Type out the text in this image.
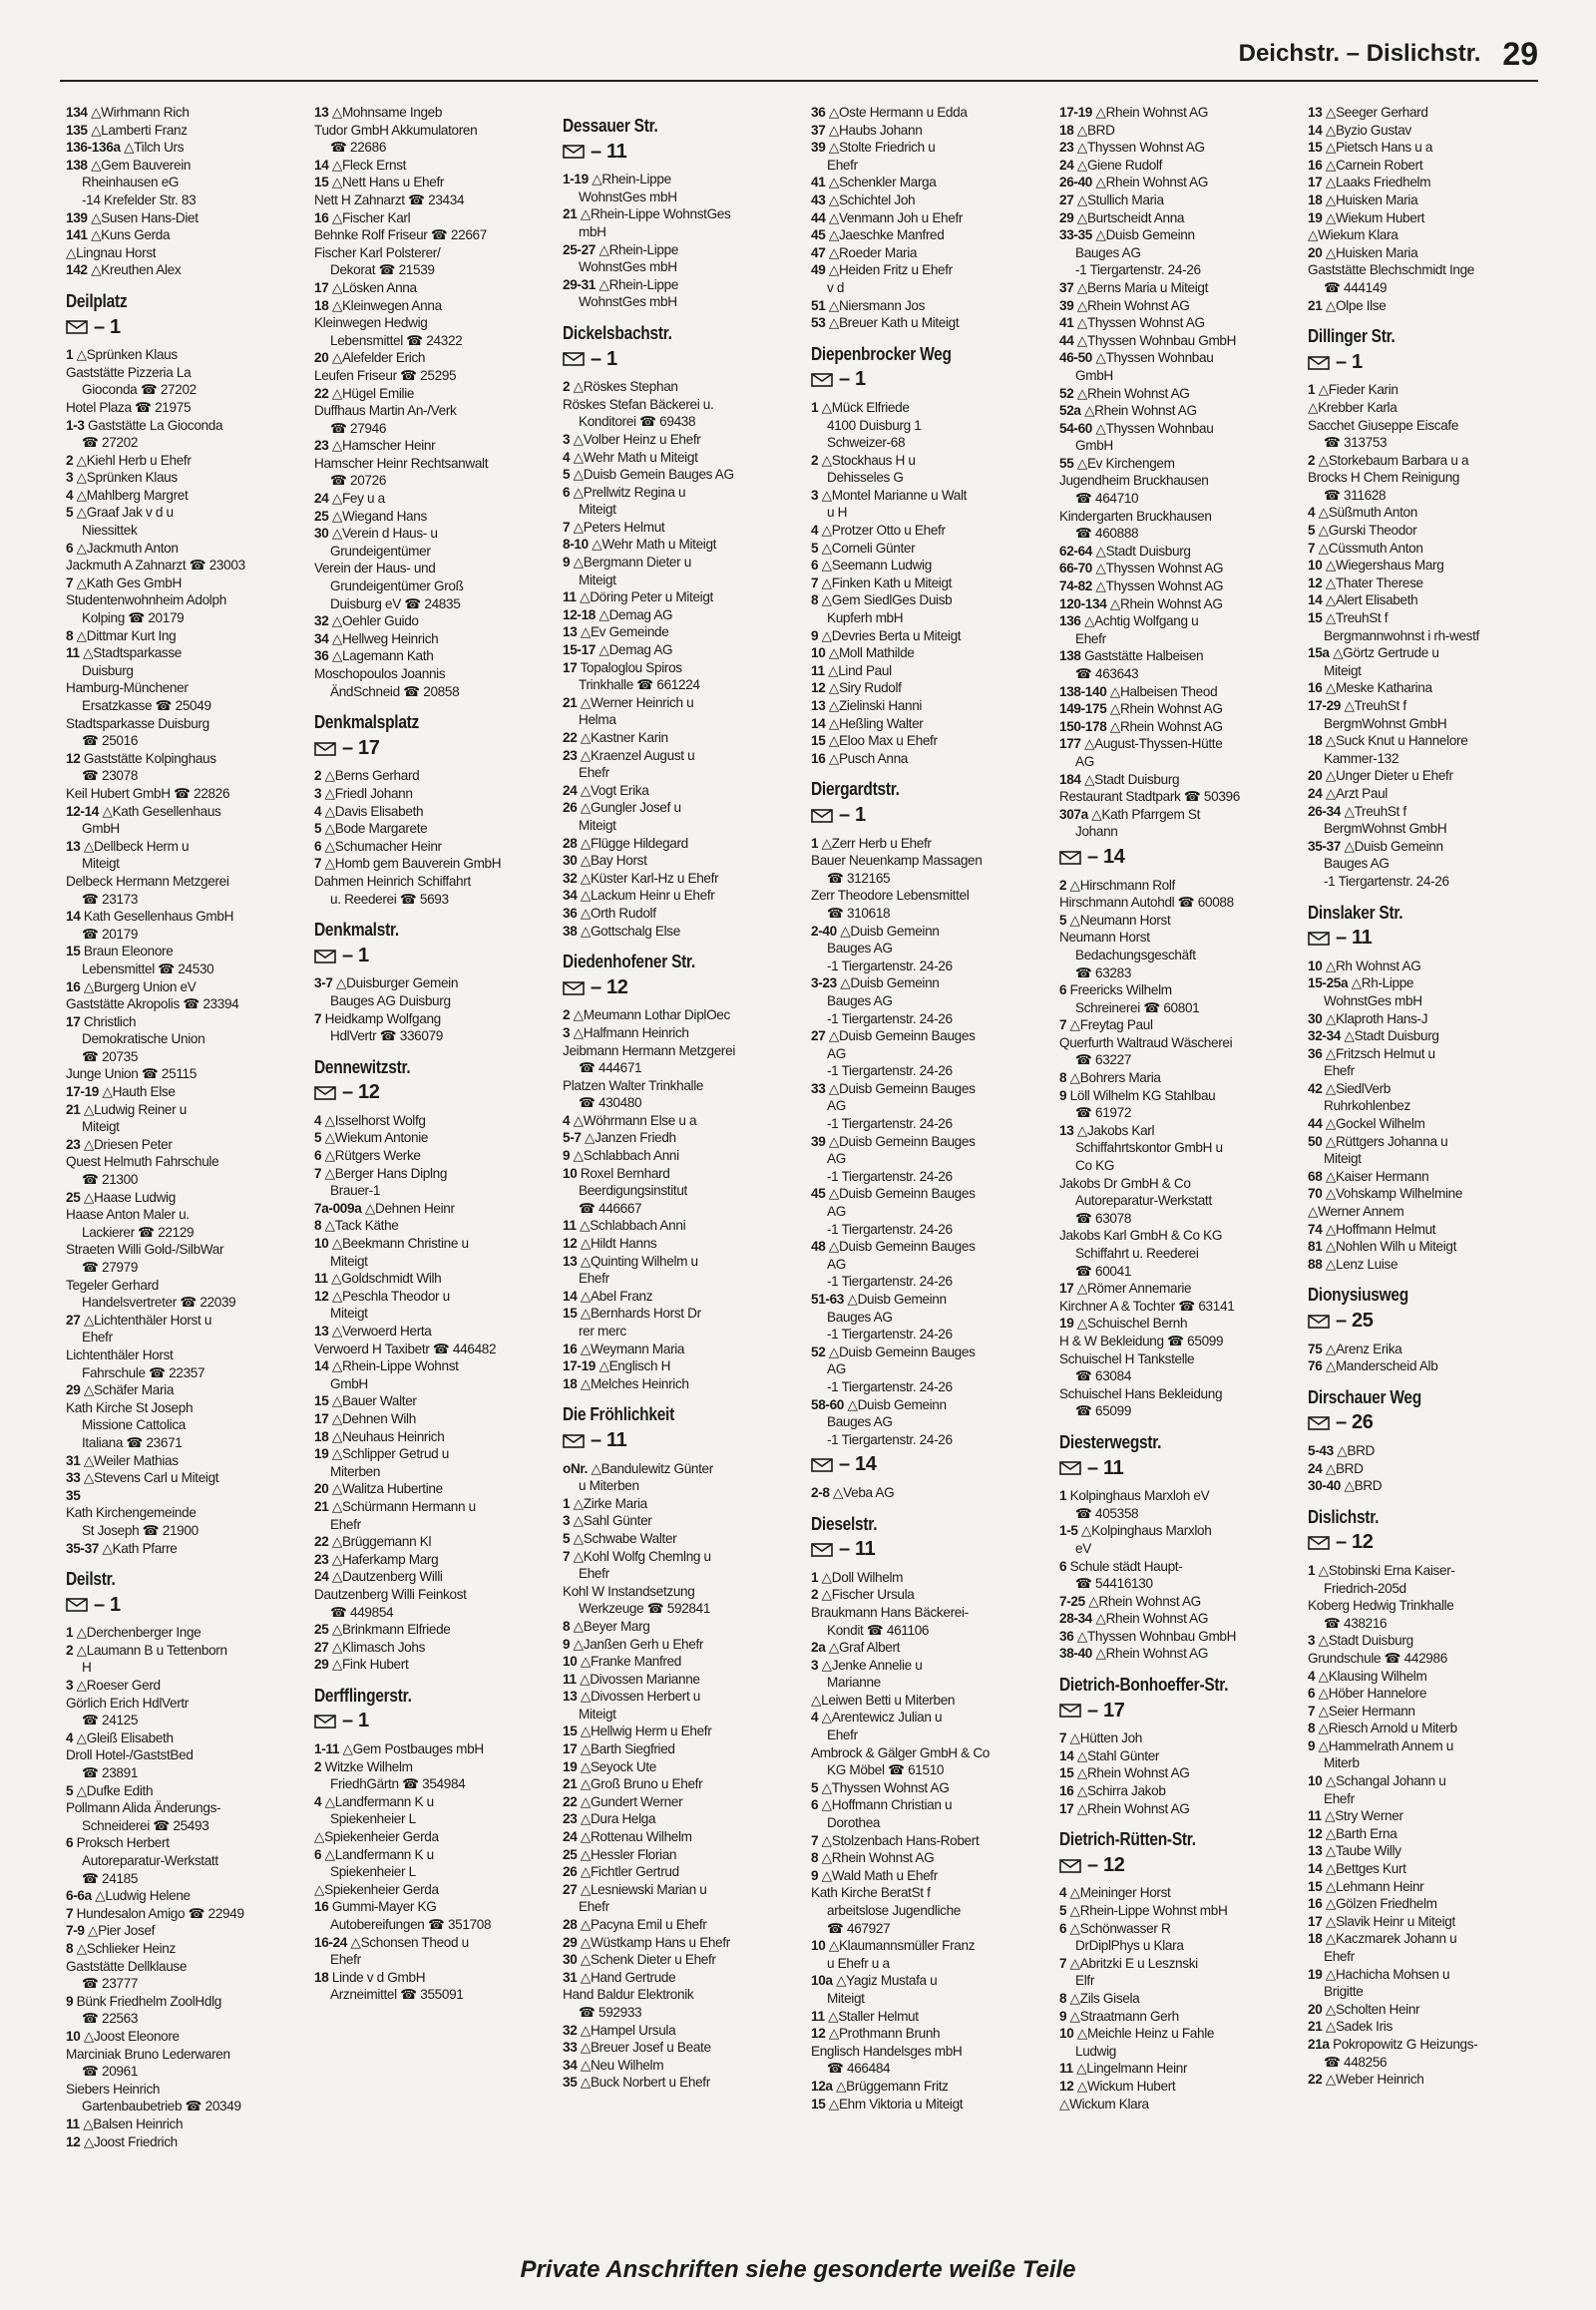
Deichstr. – Dislichstr. 29
134 △Wirhmann Rich
135 △Lamberti Franz
136-136a △Tilch Urs
138 △Gem Bauverein
Rheinhausen eG
-14 Krefelder Str. 83
139 △Susen Hans-Diet
141 △Kuns Gerda
△Lingnau Horst
142 △Kreuthen Alex
Deilplatz
– 1
1 △Sprünken Klaus
Gaststätte Pizzeria La
Gioconda ☎ 27202
Hotel Plaza ☎ 21975
1-3 Gaststätte La Gioconda
☎ 27202
2 △Kiehl Herb u Ehefr
3 △Sprünken Klaus
4 △Mahlberg Margret
5 △Graaf Jak v d u
Niessittek
6 △Jackmuth Anton
Jackmuth A Zahnarzt ☎ 23003
7 △Kath Ges GmbH
Studentenwohnheim Adolph
Kolping ☎ 20179
8 △Dittmar Kurt Ing
11 △Stadtsparkasse
Duisburg
Hamburg-Münchener
Ersatzkasse ☎ 25049
Stadtsparkasse Duisburg
☎ 25016
12 Gaststätte Kolpinghaus
☎ 23078
Keil Hubert GmbH ☎ 22826
12-14 △Kath Gesellenhaus
GmbH
13 △Dellbeck Herm u
Miteigt
Delbeck Hermann Metzgerei
☎ 23173
14 Kath Gesellenhaus GmbH
☎ 20179
15 Braun Eleonore
Lebensmittel ☎ 24530
16 △Burgerg Union eV
Gaststätte Akropolis ☎ 23394
17 Christlich
Demokratische Union
☎ 20735
Junge Union ☎ 25115
17-19 △Hauth Else
21 △Ludwig Reiner u
Miteigt
23 △Driesen Peter
Quest Helmuth Fahrschule
☎ 21300
25 △Haase Ludwig
Haase Anton Maler u.
Lackierer ☎ 22129
Straeten Willi Gold-/SilbWar
☎ 27979
Tegeler Gerhard
Handelsvertreter ☎ 22039
27 △Lichtenthäler Horst u
Ehefr
Lichtenthäler Horst
Fahrschule ☎ 22357
29 △Schäfer Maria
Kath Kirche St Joseph
Missione Cattolica
Italiana ☎ 23671
31 △Weiler Mathias
33 △Stevens Carl u Miteigt
35
Kath Kirchengemeinde
St Joseph ☎ 21900
35-37 △Kath Pfarre
Deilstr.
– 1
1 △Derchenberger Inge
2 △Laumann B u Tettenborn
H
3 △Roeser Gerd
Görlich Erich HdlVertr
☎ 24125
4 △Gleiß Elisabeth
Droll Hotel-/GaststBed
☎ 23891
5 △Dufke Edith
Pollmann Alida Änderungs-
Schneiderei ☎ 25493
6 Proksch Herbert
Autoreparatur-Werkstatt
☎ 24185
6-6a △Ludwig Helene
7 Hundesalon Amigo ☎ 22949
7-9 △Pier Josef
8 △Schlieker Heinz
Gaststätte Dellklause
☎ 23777
9 Bünk Friedhelm ZoolHdlg
☎ 22563
10 △Joost Eleonore
Marciniak Bruno Lederwaren
☎ 20961
Siebers Heinrich
Gartenbaubetrieb ☎ 20349
11 △Balsen Heinrich
12 △Joost Friedrich
13 △Mohnsame Ingeb
Tudor GmbH Akkumulatoren
☎ 22686
14 △Fleck Ernst
15 △Nett Hans u Ehefr
Nett H Zahnarzt ☎ 23434
16 △Fischer Karl
Behnke Rolf Friseur ☎ 22667
Fischer Karl Polsterer/
Dekorat ☎ 21539
17 △Lösken Anna
18 △Kleinwegen Anna
Kleinwegen Hedwig
Lebensmittel ☎ 24322
20 △Alefelder Erich
Leufen Friseur ☎ 25295
22 △Hügel Emilie
Duffhaus Martin An-/Verk
☎ 27946
23 △Hamscher Heinr
Hamscher Heinr Rechtsanwalt
☎ 20726
24 △Fey u a
25 △Wiegand Hans
30 △Verein d Haus- u
Grundeigentümer
Verein der Haus- und
Grundeigentümer Groß
Duisburg eV ☎ 24835
32 △Oehler Guido
34 △Hellweg Heinrich
36 △Lagemann Kath
Moschopoulos Joannis
ÄndSchneid ☎ 20858
Denkmalsplatz
– 17
2 △Berns Gerhard
3 △Friedl Johann
4 △Davis Elisabeth
5 △Bode Margarete
6 △Schumacher Heinr
7 △Homb gem Bauverein GmbH
Dahmen Heinrich Schiffahrt
u. Reederei ☎ 5693
Denkmalstr.
– 1
3-7 △Duisburger Gemein
Bauges AG Duisburg
7 Heidkamp Wolfgang
HdlVertr ☎ 336079
Dennewitzstr.
– 12
4 △Isselhorst Wolfg
5 △Wiekum Antonie
6 △Rütgers Werke
7 △Berger Hans Diplng
Brauer-1
7a-009a △Dehnen Heinr
8 △Tack Käthe
10 △Beekmann Christine u
Miteigt
11 △Goldschmidt Wilh
12 △Peschla Theodor u
Miteigt
13 △Verwoerd Herta
Verwoerd H Taxibetr ☎ 446482
14 △Rhein-Lippe Wohnst
GmbH
15 △Bauer Walter
17 △Dehnen Wilh
18 △Neuhaus Heinrich
19 △Schlipper Getrud u
Miterben
20 △Walitza Hubertine
21 △Schürmann Hermann u
Ehefr
22 △Brüggemann Kl
23 △Haferkamp Marg
24 △Dautzenberg Willi
Dautzenberg Willi Feinkost
☎ 449854
25 △Brinkmann Elfriede
27 △Klimasch Johs
29 △Fink Hubert
Derfflingerstr.
– 1
1-11 △Gem Postbauges mbH
2 Witzke Wilhelm
FriedhGärtn ☎ 354984
4 △Landfermann K u
Spiekenheier L
△Spiekenheier Gerda
6 △Landfermann K u
Spiekenheier L
△Spiekenheier Gerda
16 Gummi-Mayer KG
Autobereifungen ☎ 351708
16-24 △Schonsen Theod u
Ehefr
18 Linde v d GmbH
Arzneimittel ☎ 355091
Dessauer Str.
– 11
1-19 △Rhein-Lippe
WohnstGes mbH
21 △Rhein-Lippe WohnstGes
mbH
25-27 △Rhein-Lippe
WohnstGes mbH
29-31 △Rhein-Lippe
WohnstGes mbH
Dickelsbachstr.
– 1
2 △Röskes Stephan
Röskes Stefan Bäckerei u.
Konditorei ☎ 69438
3 △Volber Heinz u Ehefr
4 △Wehr Math u Miteigt
5 △Duisb Gemein Bauges AG
6 △Prellwitz Regina u
Miteigt
7 △Peters Helmut
8-10 △Wehr Math u Miteigt
9 △Bergmann Dieter u
Miteigt
11 △Döring Peter u Miteigt
12-18 △Demag AG
13 △Ev Gemeinde
15-17 △Demag AG
17 Topaloglou Spiros
Trinkhalle ☎ 661224
21 △Werner Heinrich u
Helma
22 △Kastner Karin
23 △Kraenzel August u
Ehefr
24 △Vogt Erika
26 △Gungler Josef u
Miteigt
28 △Flügge Hildegard
30 △Bay Horst
32 △Küster Karl-Hz u Ehefr
34 △Lackum Heinr u Ehefr
36 △Orth Rudolf
38 △Gottschalg Else
Diedenhofener Str.
– 12
2 △Meumann Lothar DiplOec
3 △Halfmann Heinrich
Jeibmann Hermann Metzgerei
☎ 444671
Platzen Walter Trinkhalle
☎ 430480
4 △Wöhrmann Else u a
5-7 △Janzen Friedh
9 △Schlabbach Anni
10 Roxel Bernhard
Beerdigungsinstitut
☎ 446667
11 △Schlabbach Anni
12 △Hildt Hanns
13 △Quinting Wilhelm u
Ehefr
14 △Abel Franz
15 △Bernhards Horst Dr
rer merc
16 △Weymann Maria
17-19 △Englisch H
18 △Melches Heinrich
Die Fröhlichkeit
– 11
oNr. △Bandulewitz Günter
u Miterben
1 △Zirke Maria
3 △Sahl Günter
5 △Schwabe Walter
7 △Kohl Wolfg Chemlng u
Ehefr
Kohl W Instandsetzung
Werkzeuge ☎ 592841
8 △Beyer Marg
9 △Janßen Gerh u Ehefr
10 △Franke Manfred
11 △Divossen Marianne
13 △Divossen Herbert u
Miteigt
15 △Hellwig Herm u Ehefr
17 △Barth Siegfried
19 △Seyock Ute
21 △Groß Bruno u Ehefr
22 △Gundert Werner
23 △Dura Helga
24 △Rottenau Wilhelm
25 △Hessler Florian
26 △Fichtler Gertrud
27 △Lesniewski Marian u
Ehefr
28 △Pacyna Emil u Ehefr
29 △Wüstkamp Hans u Ehefr
30 △Schenk Dieter u Ehefr
31 △Hand Gertrude
Hand Baldur Elektronik
☎ 592933
32 △Hampel Ursula
33 △Breuer Josef u Beate
34 △Neu Wilhelm
35 △Buck Norbert u Ehefr
36 △Oste Hermann u Edda
37 △Haubs Johann
39 △Stolte Friedrich u
Ehefr
41 △Schenkler Marga
43 △Schichtel Joh
44 △Venmann Joh u Ehefr
45 △Jaeschke Manfred
47 △Roeder Maria
49 △Heiden Fritz u Ehefr
v d
51 △Niersmann Jos
53 △Breuer Kath u Miteigt
Diepenbrocker Weg
– 1
1 △Mück Elfriede
4100 Duisburg 1
Schweizer-68
2 △Stockhaus H u
Dehisseles G
3 △Montel Marianne u Walt
u H
4 △Protzer Otto u Ehefr
5 △Corneli Günter
6 △Seemann Ludwig
7 △Finken Kath u Miteigt
8 △Gem SiedlGes Duisb
Kupferh mbH
9 △Devries Berta u Miteigt
10 △Moll Mathilde
11 △Lind Paul
12 △Siry Rudolf
13 △Zielinski Hanni
14 △Heßling Walter
15 △Eloo Max u Ehefr
16 △Pusch Anna
Diergardtstr.
– 1
1 △Zerr Herb u Ehefr
Bauer Neuenkamp Massagen
☎ 312165
Zerr Theodore Lebensmittel
☎ 310618
2-40 △Duisb Gemeinn
Bauges AG
-1 Tiergartenstr. 24-26
3-23 △Duisb Gemeinn
Bauges AG
-1 Tiergartenstr. 24-26
27 △Duisb Gemeinn Bauges
AG
-1 Tiergartenstr. 24-26
33 △Duisb Gemeinn Bauges
AG
-1 Tiergartenstr. 24-26
39 △Duisb Gemeinn Bauges
AG
-1 Tiergartenstr. 24-26
45 △Duisb Gemeinn Bauges
AG
-1 Tiergartenstr. 24-26
48 △Duisb Gemeinn Bauges
AG
-1 Tiergartenstr. 24-26
51-63 △Duisb Gemeinn
Bauges AG
-1 Tiergartenstr. 24-26
52 △Duisb Gemeinn Bauges
AG
-1 Tiergartenstr. 24-26
58-60 △Duisb Gemeinn
Bauges AG
-1 Tiergartenstr. 24-26
– 14
2-8 △Veba AG
Dieselstr.
– 11
1 △Doll Wilhelm
2 △Fischer Ursula
Braukmann Hans Bäckerei-
Kondit ☎ 461106
2a △Graf Albert
3 △Jenke Annelie u
Marianne
△Leiwen Betti u Miterben
4 △Arentewicz Julian u
Ehefr
Ambrock & Gälger GmbH & Co
KG Möbel ☎ 61510
5 △Thyssen Wohnst AG
6 △Hoffmann Christian u
Dorothea
7 △Stolzenbach Hans-Robert
8 △Rhein Wohnst AG
9 △Wald Math u Ehefr
Kath Kirche BeratSt f
arbeitslose Jugendliche
☎ 467927
10 △Klaumannsmüller Franz
u Ehefr u a
10a △Yagiz Mustafa u
Miteigt
11 △Staller Helmut
12 △Prothmann Brunh
Englisch Handelsges mbH
☎ 466484
12a △Brüggemann Fritz
15 △Ehm Viktoria u Miteigt
17-19 △Rhein Wohnst AG
18 △BRD
23 △Thyssen Wohnst AG
24 △Giene Rudolf
26-40 △Rhein Wohnst AG
27 △Stullich Maria
29 △Burtscheidt Anna
33-35 △Duisb Gemeinn
Bauges AG
-1 Tiergartenstr. 24-26
37 △Berns Maria u Miteigt
39 △Rhein Wohnst AG
41 △Thyssen Wohnst AG
44 △Thyssen Wohnbau GmbH
46-50 △Thyssen Wohnbau
GmbH
52 △Rhein Wohnst AG
52a △Rhein Wohnst AG
54-60 △Thyssen Wohnbau
GmbH
55 △Ev Kirchengem
Jugendheim Bruckhausen
☎ 464710
Kindergarten Bruckhausen
☎ 460888
62-64 △Stadt Duisburg
66-70 △Thyssen Wohnst AG
74-82 △Thyssen Wohnst AG
120-134 △Rhein Wohnst AG
136 △Achtig Wolfgang u
Ehefr
138 Gaststätte Halbeisen
☎ 463643
138-140 △Halbeisen Theod
149-175 △Rhein Wohnst AG
150-178 △Rhein Wohnst AG
177 △August-Thyssen-Hütte
AG
184 △Stadt Duisburg
Restaurant Stadtpark ☎ 50396
307a △Kath Pfarrgem St
Johann
– 14
2 △Hirschmann Rolf
Hirschmann Autohdl ☎ 60088
5 △Neumann Horst
Neumann Horst
Bedachungsgeschäft
☎ 63283
6 Freericks Wilhelm
Schreinerei ☎ 60801
7 △Freytag Paul
Querfurth Waltraud Wäscherei
☎ 63227
8 △Bohrers Maria
9 Löll Wilhelm KG Stahlbau
☎ 61972
13 △Jakobs Karl
Schiffahrtskontor GmbH u
Co KG
Jakobs Dr GmbH & Co
Autoreparatur-Werkstatt
☎ 63078
Jakobs Karl GmbH & Co KG
Schiffahrt u. Reederei
☎ 60041
17 △Römer Annemarie
Kirchner A & Tochter ☎ 63141
19 △Schuischel Bernh
H & W Bekleidung ☎ 65099
Schuischel H Tankstelle
☎ 63084
Schuischel Hans Bekleidung
☎ 65099
Diesterwegstr.
– 11
1 Kolpinghaus Marxloh eV
☎ 405358
1-5 △Kolpinghaus Marxloh
eV
6 Schule städt Haupt-
☎ 54416130
7-25 △Rhein Wohnst AG
28-34 △Rhein Wohnst AG
36 △Thyssen Wohnbau GmbH
38-40 △Rhein Wohnst AG
Dietrich-Bonhoeffer-Str.
– 17
7 △Hütten Joh
14 △Stahl Günter
15 △Rhein Wohnst AG
16 △Schirra Jakob
17 △Rhein Wohnst AG
Dietrich-Rütten-Str.
– 12
4 △Meininger Horst
5 △Rhein-Lippe Wohnst mbH
6 △Schönwasser R
DrDiplPhys u Klara
7 △Abritzki E u Lesznski
Elfr
8 △Zils Gisela
9 △Straatmann Gerh
10 △Meichle Heinz u Fahle
Ludwig
11 △Lingelmann Heinr
12 △Wickum Hubert
△Wickum Klara
13 △Seeger Gerhard
14 △Byzio Gustav
15 △Pietsch Hans u a
16 △Carnein Robert
17 △Laaks Friedhelm
18 △Huisken Maria
19 △Wiekum Hubert
△Wiekum Klara
20 △Huisken Maria
Gaststätte Blechschmidt Inge
☎ 444149
21 △Olpe Ilse
Dillinger Str.
– 1
1 △Fieder Karin
△Krebber Karla
Sacchet Giuseppe Eiscafe
☎ 313753
2 △Storkebaum Barbara u a
Brocks H Chem Reinigung
☎ 311628
4 △Süßmuth Anton
5 △Gurski Theodor
7 △Cüssmuth Anton
10 △Wiegershaus Marg
12 △Thater Therese
14 △Alert Elisabeth
15 △TreuhSt f
Bergmannwohnst i rh-westf
15a △Görtz Gertrude u
Miteigt
16 △Meske Katharina
17-29 △TreuhSt f
BergmWohnst GmbH
18 △Suck Knut u Hannelore
Kammer-132
20 △Unger Dieter u Ehefr
24 △Arzt Paul
26-34 △TreuhSt f
BergmWohnst GmbH
35-37 △Duisb Gemeinn
Bauges AG
-1 Tiergartenstr. 24-26
Dinslaker Str.
– 11
10 △Rh Wohnst AG
15-25a △Rh-Lippe
WohnstGes mbH
30 △Klaproth Hans-J
32-34 △Stadt Duisburg
36 △Fritzsch Helmut u
Ehefr
42 △SiedlVerb
Ruhrkohlenbez
44 △Gockel Wilhelm
50 △Rüttgers Johanna u
Miteigt
68 △Kaiser Hermann
70 △Vohskamp Wilhelmine
△Werner Annem
74 △Hoffmann Helmut
81 △Nohlen Wilh u Miteigt
88 △Lenz Luise
Dionysiusweg
– 25
75 △Arenz Erika
76 △Manderscheid Alb
Dirschauer Weg
– 26
5-43 △BRD
24 △BRD
30-40 △BRD
Dislichstr.
– 12
1 △Stobinski Erna Kaiser-
Friedrich-205d
Koberg Hedwig Trinkhalle
☎ 438216
3 △Stadt Duisburg
Grundschule ☎ 442986
4 △Klausing Wilhelm
6 △Höber Hannelore
7 △Seier Hermann
8 △Riesch Arnold u Miterb
9 △Hammelrath Annem u
Miterb
10 △Schangal Johann u
Ehefr
11 △Stry Werner
12 △Barth Erna
13 △Taube Willy
14 △Bettges Kurt
15 △Lehmann Heinr
16 △Gölzen Friedhelm
17 △Slavik Heinr u Miteigt
18 △Kaczmarek Johann u
Ehefr
19 △Hachicha Mohsen u
Brigitte
20 △Scholten Heinr
21 △Sadek Iris
21a Pokropowitz G Heizungs-
☎ 448256
22 △Weber Heinrich
Private Anschriften siehe gesonderte weiße Teile
